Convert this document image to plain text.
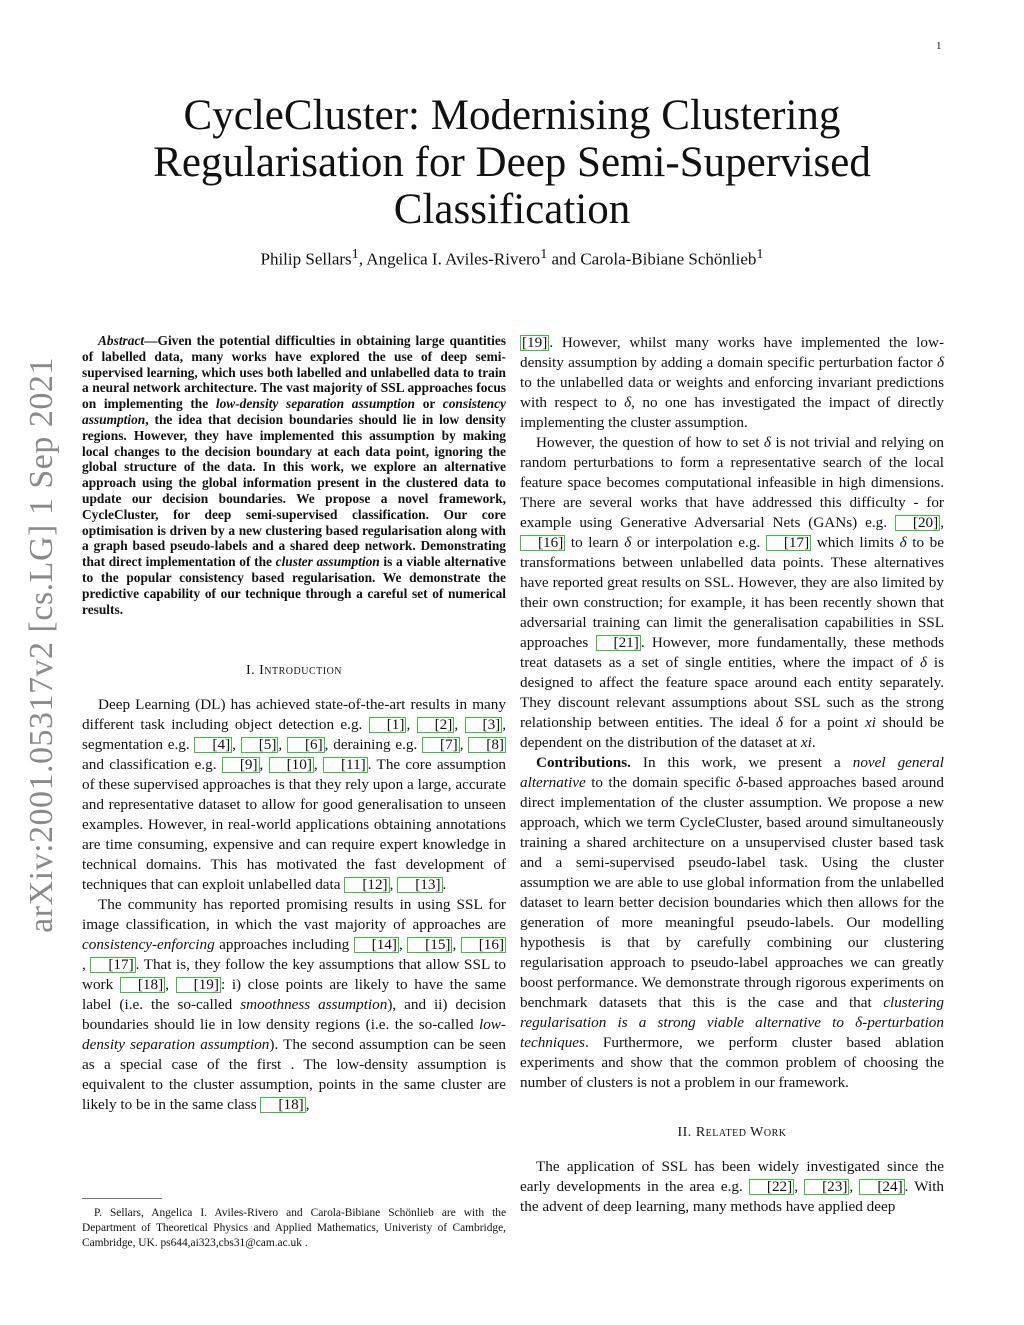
1
arXiv:2001.05317v2 [cs.LG] 1 Sep 2021
CycleCluster: Modernising Clustering
Regularisation for Deep Semi-Supervised
Classification
Philip Sellars$^1$, Angelica I. Aviles-Rivero$^1$ and Carola-Bibiane Schönlieb$^1$

Abstract—Given the potential difficulties in obtaining large quantities of labelled data, many works have explored the use of deep semi-supervised learning, which uses both labelled and unlabelled data to train a neural network architecture. The vast majority of SSL approaches focus on implementing the low-density separation assumption or consistency assumption, the idea that decision boundaries should lie in low density regions. However, they have implemented this assumption by making local changes to the decision boundary at each data point, ignoring the global structure of the data. In this work, we explore an alternative approach using the global information present in the clustered data to update our decision boundaries. We propose a novel framework, CycleCluster, for deep semi-supervised classification. Our core optimisation is driven by a new clustering based regularisation along with a graph based pseudo-labels and a shared deep network. Demonstrating that direct implementation of the cluster assumption is a viable alternative to the popular consistency based regularisation. We demonstrate the predictive capability of our technique through a careful set of numerical results.

I. Introduction

Deep Learning (DL) has achieved state-of-the-art results in many different task including object detection e.g. [1] , [2] , [3] , segmentation e.g. [4] , [5] , [6] , deraining e.g. [7] , [8] and classification e.g. [9] , [10] , [11] . The core assumption of these supervised approaches is that they rely upon a large, accurate and representative dataset to allow for good generalisation to unseen examples. However, in real-world applications obtaining annotations are time consuming, expensive and can require expert knowledge in technical domains. This has motivated the fast development of techniques that can exploit unlabelled data [12] , [13] .

The community has reported promising results in using SSL for image classification, in which the vast majority of approaches are consistency-enforcing approaches including [14] , [15] , [16], [17] . That is, they follow the key assumptions that allow SSL to work [18] , [19] : i) close points are likely to have the same label (i.e. the so-called smoothness assumption), and ii) decision boundaries should lie in low density regions (i.e. the so-called low-density separation assumption). The second assumption can be seen as a special case of the first . The low-density assumption is equivalent to the cluster assumption, points in the same cluster are likely to be in the same class [18] ,

P. Sellars, Angelica I. Aviles-Rivero and Carola-Bibiane Schönlieb are with the Department of Theoretical Physics and Applied Mathematics, Univeristy of Cambridge, Cambridge, UK. ps644,ai323,cbs31@cam.ac.uk .

[19] . However, whilst many works have implemented the low-density assumption by adding a domain specific perturbation factor δ to the unlabelled data or weights and enforcing invariant predictions with respect to δ, no one has investigated the impact of directly implementing the cluster assumption.

However, the question of how to set δ is not trivial and relying on random perturbations to form a representative search of the local feature space becomes computational infeasible in high dimensions. There are several works that have addressed this difficulty - for example using Generative Adversarial Nets (GANs) e.g. [20] , [16] to learn δ or interpolation e.g. [17] which limits δ to be transformations between unlabelled data points. These alternatives have reported great results on SSL. However, they are also limited by their own construction; for example, it has been recently shown that adversarial training can limit the generalisation capabilities in SSL approaches [21] . However, more fundamentally, these methods treat datasets as a set of single entities, where the impact of δ is designed to affect the feature space around each entity separately. They discount relevant assumptions about SSL such as the strong relationship between entities. The ideal δ for a point xi should be dependent on the distribution of the dataset at xi.

Contributions. In this work, we present a novel general alternative to the domain specific δ-based approaches based around direct implementation of the cluster assumption. We propose a new approach, which we term CycleCluster, based around simultaneously training a shared architecture on a unsupervised cluster based task and a semi-supervised pseudo-label task. Using the cluster assumption we are able to use global information from the unlabelled dataset to learn better decision boundaries which then allows for the generation of more meaningful pseudo-labels. Our modelling hypothesis is that by carefully combining our clustering regularisation approach to pseudo-label approaches we can greatly boost performance. We demonstrate through rigorous experiments on benchmark datasets that this is the case and that clustering regularisation is a strong viable alternative to δ-perturbation techniques. Furthermore, we perform cluster based ablation experiments and show that the common problem of choosing the number of clusters is not a problem in our framework.

II. Related Work

The application of SSL has been widely investigated since the early developments in the area e.g. [22] , [23] , [24] . With the advent of deep learning, many methods have applied deep
